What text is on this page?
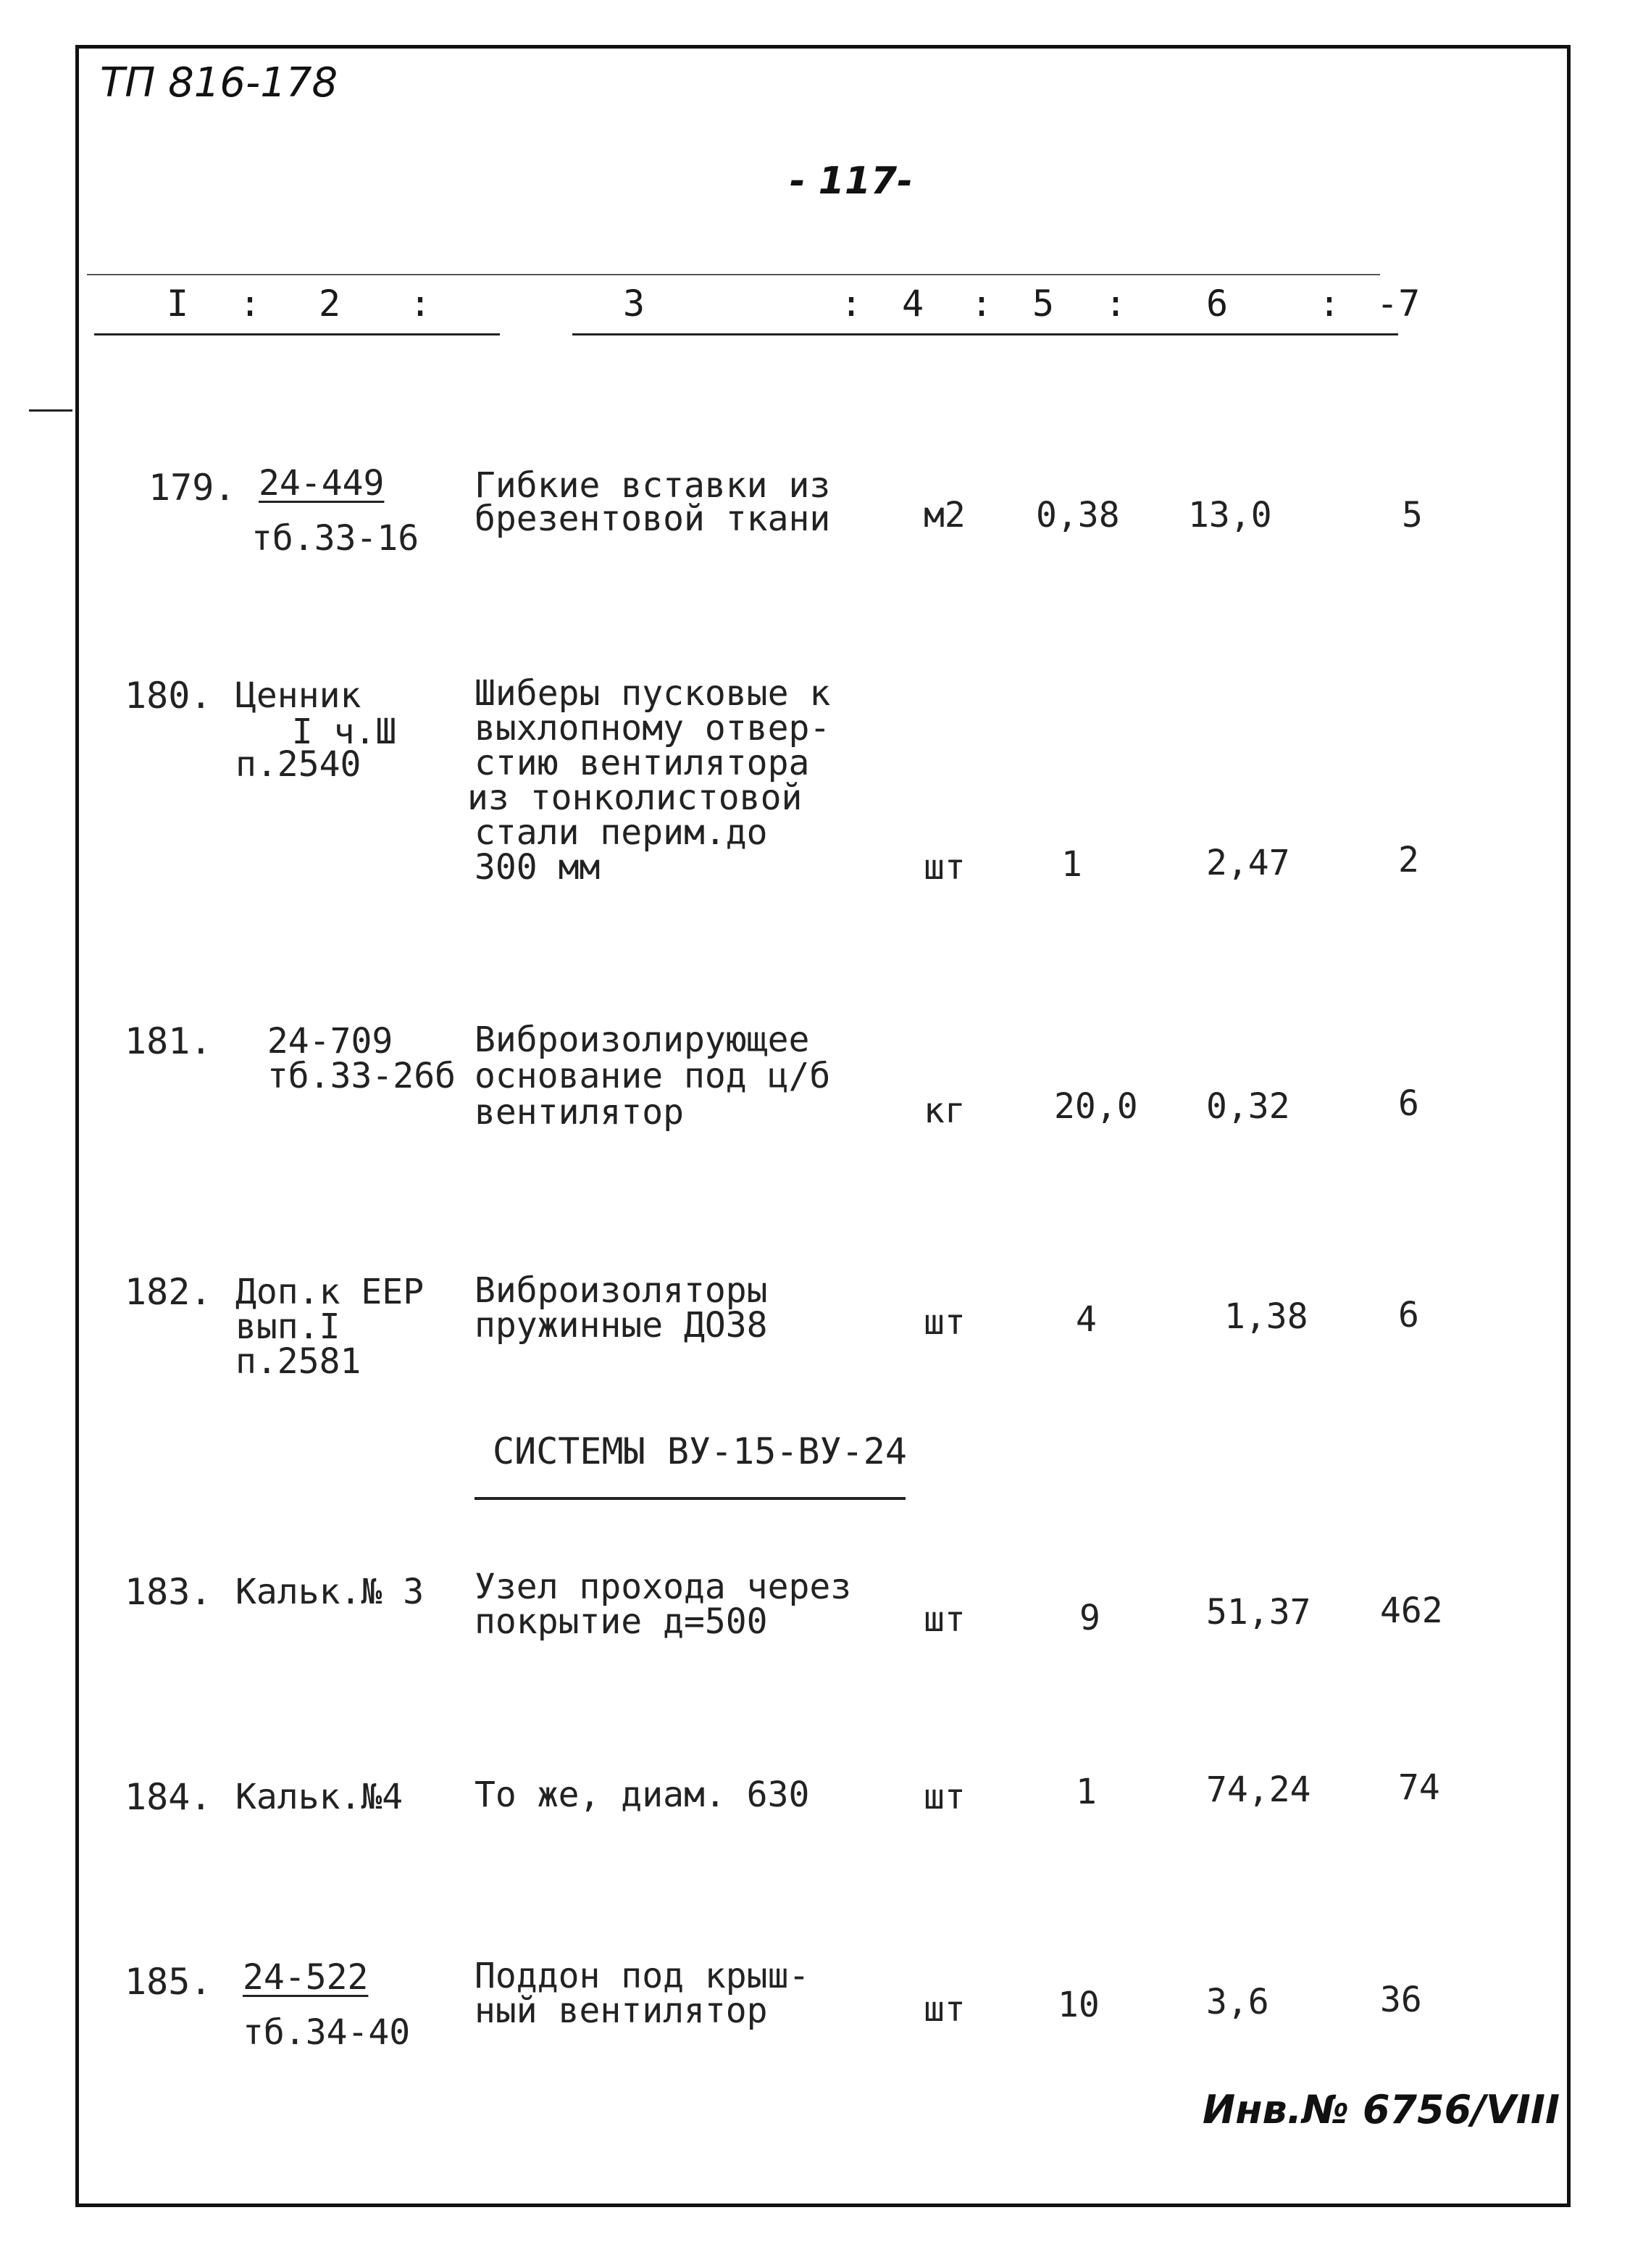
ТП 816-178
- 117-
I : 2 :	3	: 4 : 5 : 6 : -7
179. 24-449
тб.33-16
Гибкие вставки из
брезентовой ткани	м2 0,38 13,0	5
180. Ценник
I ч.Ш
п.2540
Шиберы пусковые к
выхлопному отвер-
стию вентилятора
из тонколистовой
стали перим.до
300 мм	шт	1	2,47	2
181. 24-709
тб.33-26б
Виброизолирующее
основание под ц/б
вентилятор	кг	20,0 0,32	6
182. Доп.к ЕЕР
вып.I
п.2581
Виброизоляторы
пружинные ДО38	шт	4	1,38	6
СИСТЕМЫ ВУ-15-ВУ-24
183. Кальк.№ 3 Узел прохода через
покрытие д=500	шт	9	51,37 462
184. Кальк.№4 То же, диам. 630	шт	1	74,24	74
185. 24-522
тб.34-40
Поддон под крыш-
ный вентилятор	шт	10	3,6	36
Инв.№ 6756/VIII
